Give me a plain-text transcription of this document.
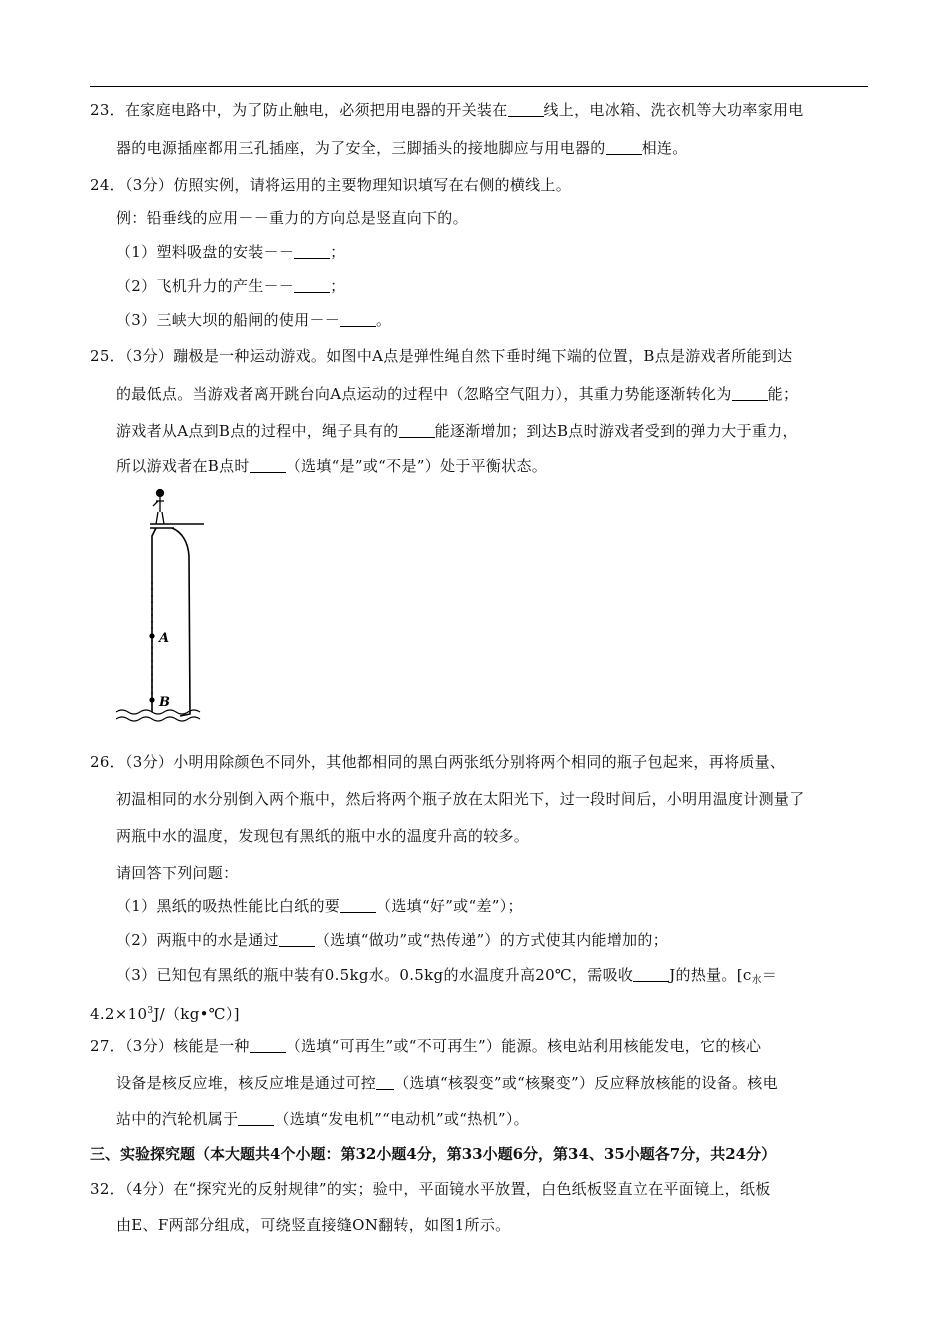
23．在家庭电路中，为了防止触电，必须把用电器的开关装在 线上，电冰箱、洗衣机等大功率家用电
器的电源插座都用三孔插座，为了安全，三脚插头的接地脚应与用电器的 相连。
24．（3分）仿照实例，请将运用的主要物理知识填写在右侧的横线上。
例：铅垂线的应用－－重力的方向总是竖直向下的。
（1）塑料吸盘的安装－－ ；
（2）飞机升力的产生－－ ；
（3）三峡大坝的船闸的使用－－ 。
25．（3分）蹦极是一种运动游戏。如图中A点是弹性绳自然下垂时绳下端的位置，B点是游戏者所能到达
的最低点。当游戏者离开跳台向A点运动的过程中（忽略空气阻力），其重力势能逐渐转化为 能；
游戏者从A点到B点的过程中，绳子具有的 能逐渐增加；到达B点时游戏者受到的弹力大于重力，
所以游戏者在B点时 （选填“是”或“不是”）处于平衡状态。
A
B
26．（3分）小明用除颜色不同外，其他都相同的黑白两张纸分别将两个相同的瓶子包起来，再将质量、
初温相同的水分别倒入两个瓶中，然后将两个瓶子放在太阳光下，过一段时间后，小明用温度计测量了
两瓶中水的温度，发现包有黑纸的瓶中水的温度升高的较多。
请回答下列问题：
（1）黑纸的吸热性能比白纸的要 （选填“好”或“差”）；
（2）两瓶中的水是通过 （选填“做功”或“热传递”）的方式使其内能增加的；
（3）已知包有黑纸的瓶中装有0.5kg水。0.5kg的水温度升高20℃，需吸收 J的热量。[$c_水=$
$4.2\times 10^3J/(kg•℃)$]
27．（3分）核能是一种 （选填“可再生”或“不可再生”）能源。核电站利用核能发电，它的核心
设备是核反应堆，核反应堆是通过可控 （选填“核裂变”或“核聚变”）反应释放核能的设备。核电
站中的汽轮机属于 （选填“发电机”“电动机”或“热机”）。
三、实验探究题（本大题共4个小题：第32小题4分，第33小题6分，第34、35小题各7分，共24分）
32．（4分）在“探究光的反射规律”的实；验中，平面镜水平放置，白色纸板竖直立在平面镜上，纸板
由E、F两部分组成，可绕竖直接缝ON翻转，如图1所示。
